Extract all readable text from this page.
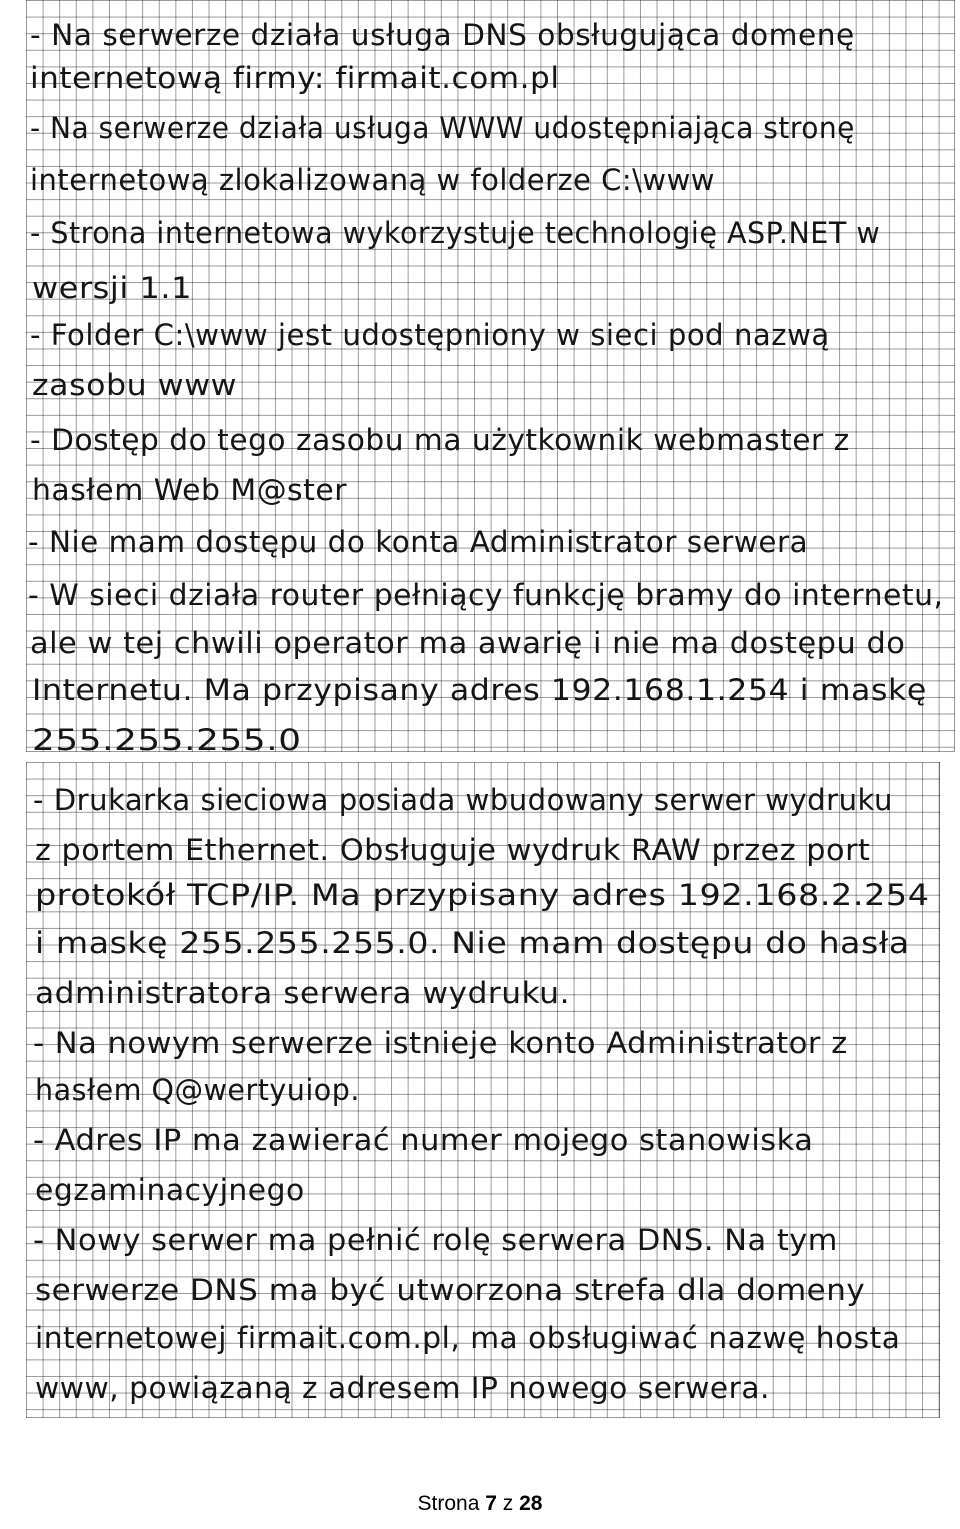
- Na serwerze działa usługa DNS obsługująca domenę
internetową firmy: firmait.com.pl
- Na serwerze działa usługa WWW udostępniająca stronę
internetową zlokalizowaną w folderze C:\www
- Strona internetowa wykorzystuje technologię ASP.NET w
wersji 1.1
- Folder C:\www jest udostępniony w sieci pod nazwą
zasobu www
- Dostęp do tego zasobu ma użytkownik webmaster z
hasłem Web M@ster
- Nie mam dostępu do konta Administrator serwera
- W sieci działa router pełniący funkcję bramy do internetu,
ale w tej chwili operator ma awarię i nie ma dostępu do
Internetu. Ma przypisany adres 192.168.1.254 i maskę
255.255.255.0
- Drukarka sieciowa posiada wbudowany serwer wydruku
z portem Ethernet. Obsługuje wydruk RAW przez port
protokół TCP/IP. Ma przypisany adres 192.168.2.254
i maskę 255.255.255.0. Nie mam dostępu do hasła
administratora serwera wydruku.
- Na nowym serwerze istnieje konto Administrator z
hasłem Q@wertyuiop.
- Adres IP ma zawierać numer mojego stanowiska
egzaminacyjnego
- Nowy serwer ma pełnić rolę serwera DNS. Na tym
serwerze DNS ma być utworzona strefa dla domeny
internetowej firmait.com.pl, ma obsługiwać nazwę hosta
www, powiązaną z adresem IP nowego serwera.
Strona 7 z 28
